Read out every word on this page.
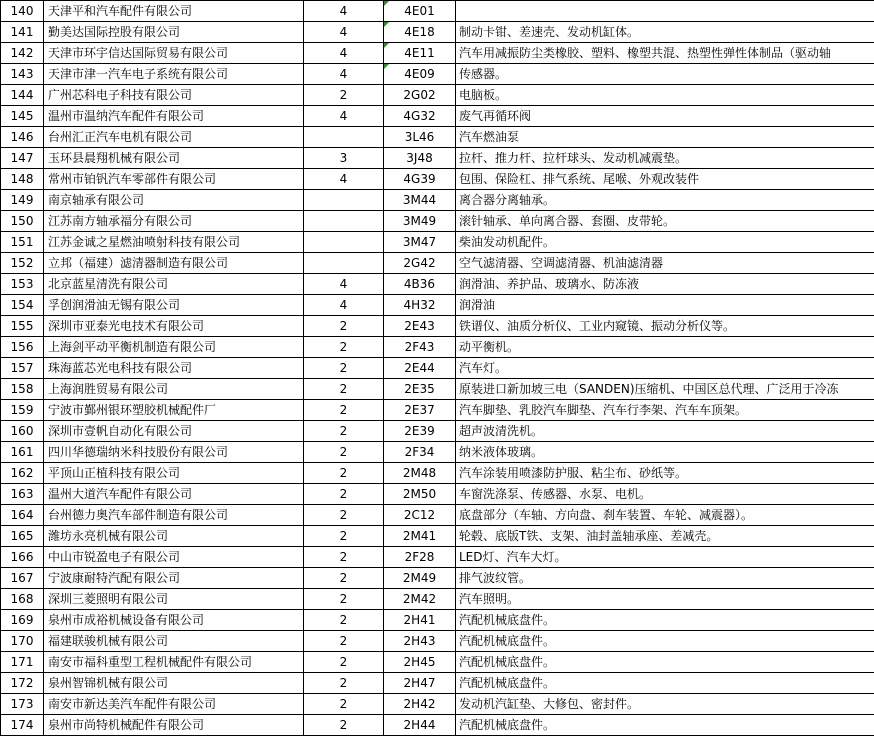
140	天津平和汽车配件有限公司	4	4E01	
141	勤美达国际控股有限公司	4	4E18	制动卡钳、差速壳、发动机缸体。
142	天津市环宇信达国际贸易有限公司	4	4E11	汽车用减振防尘类橡胶、塑料、橡塑共混、热塑性弹性体制品（驱动轴
143	天津市津一汽车电子系统有限公司	4	4E09	传感器。
144	广州芯科电子科技有限公司	2	2G02	电脑板。
145	温州市温纳汽车配件有限公司	4	4G32	废气再循环阀
146	台州汇正汽车电机有限公司		3L46	汽车燃油泵
147	玉环县晨翔机械有限公司	3	3J48	拉杆、推力杆、拉杆球头、发动机减震垫。
148	常州市铂钒汽车零部件有限公司	4	4G39	包围、保险杠、排气系统、尾喉、外观改装件
149	南京轴承有限公司		3M44	离合器分离轴承。
150	江苏南方轴承福分有限公司		3M49	滚针轴承、单向离合器、套圈、皮带轮。
151	江苏金诚之星燃油喷射科技有限公司		3M47	柴油发动机配件。
152	立邦（福建）滤清器制造有限公司		2G42	空气滤清器、空调滤清器、机油滤清器
153	北京蓝星清洗有限公司	4	4B36	润滑油、养护品、玻璃水、防冻液
154	孚创润滑油无锡有限公司	4	4H32	润滑油
155	深圳市亚泰光电技术有限公司	2	2E43	铁谱仪、油质分析仪、工业内窥镜、振动分析仪等。
156	上海剑平动平衡机制造有限公司	2	2F43	动平衡机。
157	珠海蓝芯光电科技有限公司	2	2E44	汽车灯。
158	上海润胜贸易有限公司	2	2E35	原装进口新加坡三电（SANDEN)压缩机、中国区总代理、广泛用于冷冻
159	宁波市鄞州银环塑胶机械配件厂	2	2E37	汽车脚垫、乳胶汽车脚垫、汽车行李架、汽车车顶架。
160	深圳市壹帆自动化有限公司	2	2E39	超声波清洗机。
161	四川华德瑞纳米科技股份有限公司	2	2F34	纳米液体玻璃。
162	平顶山正植科技有限公司	2	2M48	汽车涂装用喷漆防护服、粘尘布、砂纸等。
163	温州大道汽车配件有限公司	2	2M50	车窗洗涤泵、传感器、水泵、电机。
164	台州德力奥汽车部件制造有限公司	2	2C12	底盘部分（车轴、方向盘、刹车装置、车轮、减震器）。
165	潍坊永亮机械有限公司	2	2M41	轮毂、底版T铁、支架、油封盖轴承座、差减壳。
166	中山市锐盈电子有限公司	2	2F28	LED灯、汽车大灯。
167	宁波康耐特汽配有限公司	2	2M49	排气波纹管。
168	深圳三菱照明有限公司	2	2M42	汽车照明。
169	泉州市成裕机械设备有限公司	2	2H41	汽配机械底盘件。
170	福建联骏机械有限公司	2	2H43	汽配机械底盘件。
171	南安市福科重型工程机械配件有限公司	2	2H45	汽配机械底盘件。
172	泉州智锦机械有限公司	2	2H47	汽配机械底盘件。
173	南安市新达美汽车配件有限公司	2	2H42	发动机汽缸垫、大修包、密封件。
174	泉州市尚特机械配件有限公司	2	2H44	汽配机械底盘件。
